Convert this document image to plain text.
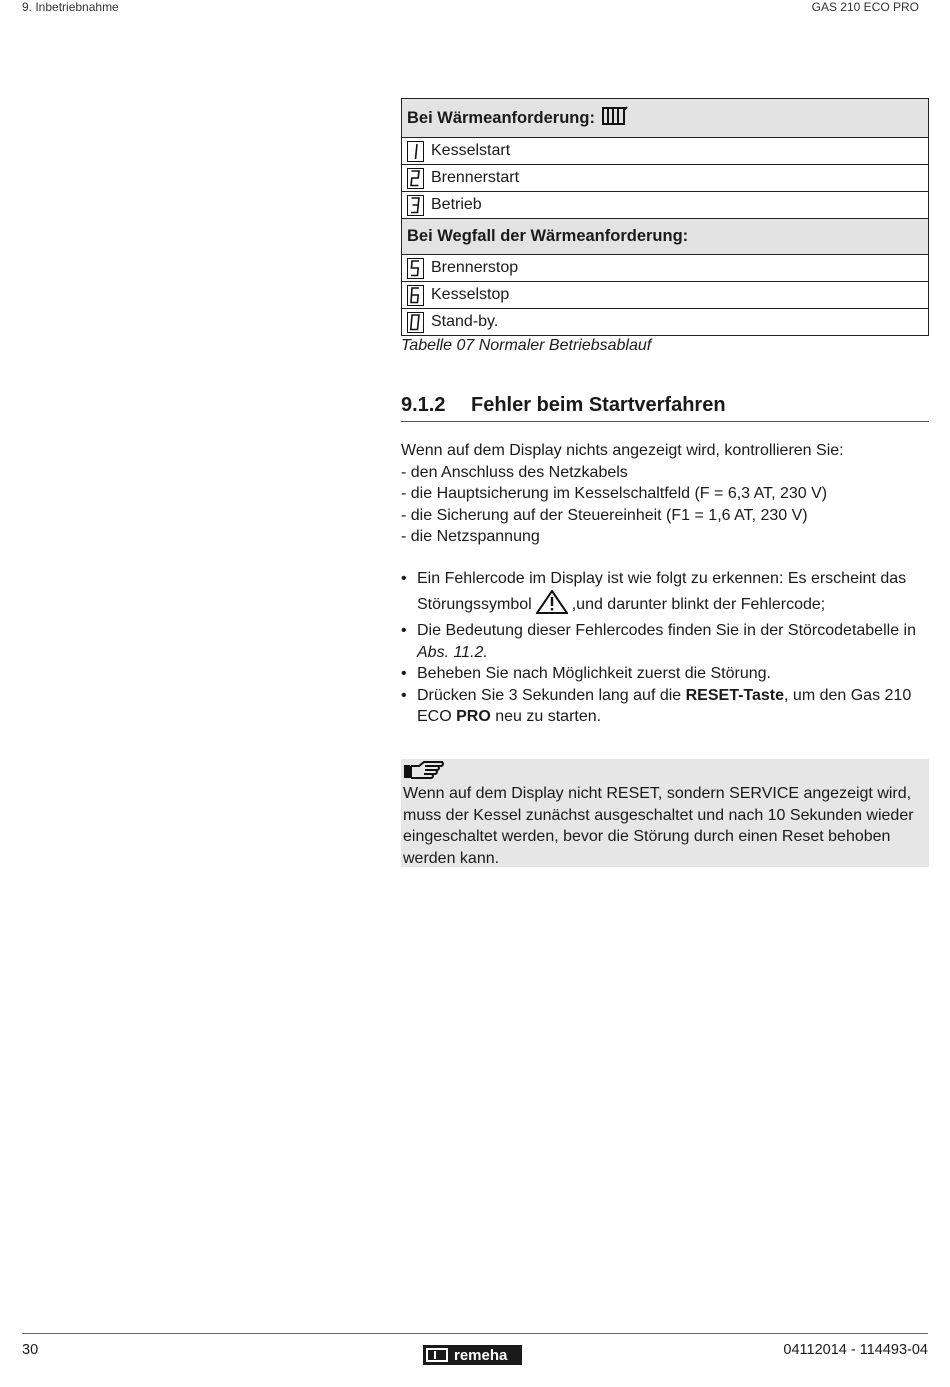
9. Inbetriebnahme	GAS 210 ECO PRO
Bei Wärmeanforderung:
Kesselstart
Brennerstart
Betrieb
Bei Wegfall der Wärmeanforderung:
Brennerstop
Kesselstop
Stand-by.
Tabelle 07 Normaler Betriebsablauf
9.1.2 Fehler beim Startverfahren
Wenn auf dem Display nichts angezeigt wird, kontrollieren Sie:
- den Anschluss des Netzkabels
- die Hauptsicherung im Kesselschaltfeld (F = 6,3 AT, 230 V)
- die Sicherung auf der Steuereinheit (F1 = 1,6 AT, 230 V)
- die Netzspannung
• Ein Fehlercode im Display ist wie folgt zu erkennen: Es erscheint das Störungssymbol	,und darunter blinkt der Fehlercode;
• Die Bedeutung dieser Fehlercodes finden Sie in der Störcodetabelle in Abs. 11.2.
• Beheben Sie nach Möglichkeit zuerst die Störung.
• Drücken Sie 3 Sekunden lang auf die RESET-Taste, um den Gas 210 ECO PRO neu zu starten.
Wenn auf dem Display nicht RESET, sondern SERVICE angezeigt wird, muss der Kessel zunächst ausgeschaltet und nach 10 Sekunden wieder eingeschaltet werden, bevor die Störung durch einen Reset behoben werden kann.
30	remeha	04112014 - 114493-04
